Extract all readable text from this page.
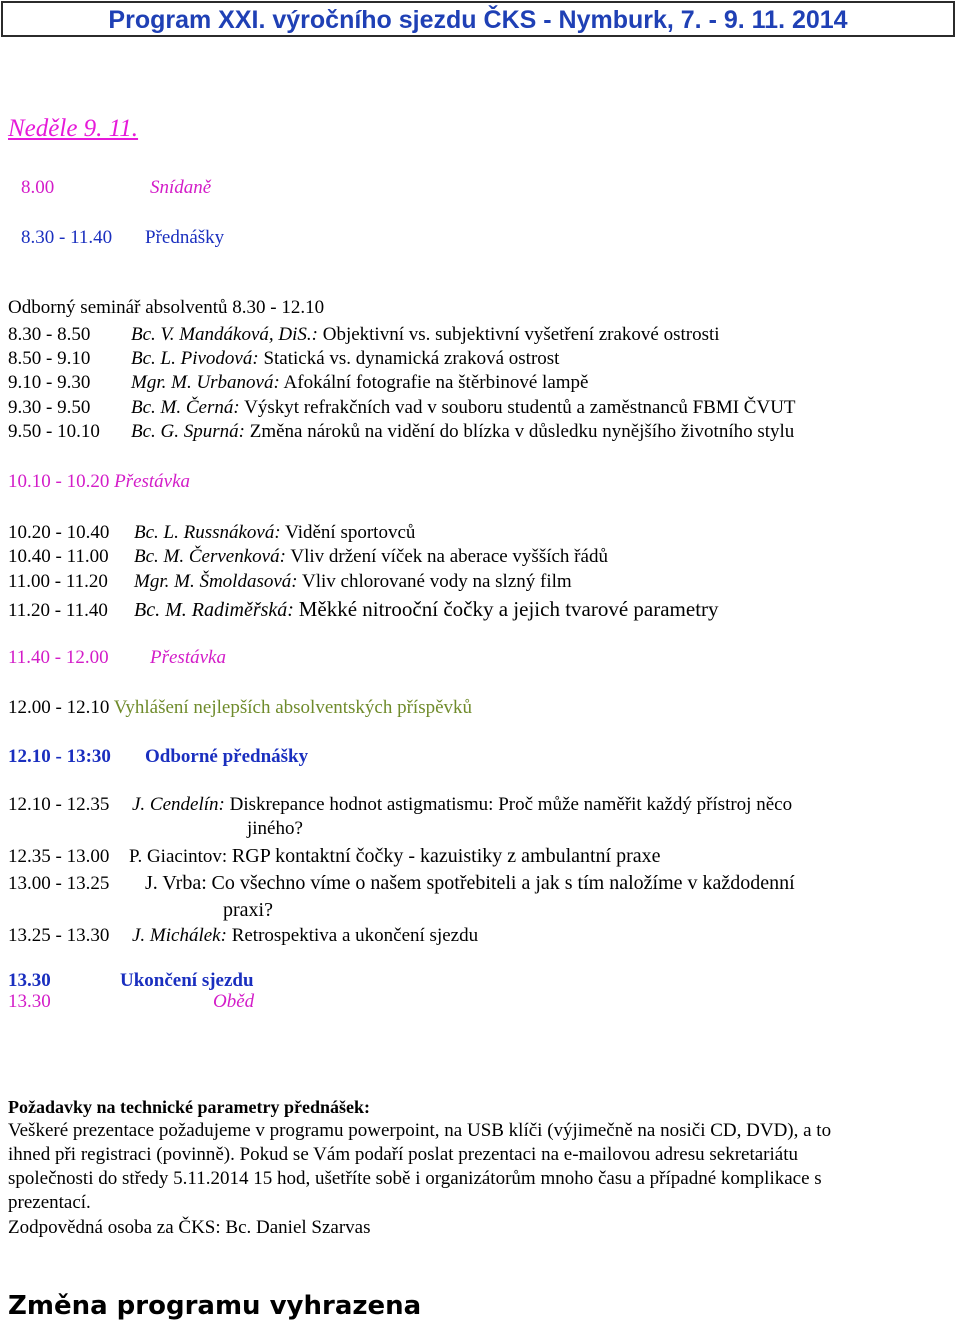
Program XXI. výročního sjezdu ČKS - Nymburk, 7. - 9. 11. 2014
Neděle 9. 11.
8.00	Snídaně
8.30 - 11.40 Přednášky
Odborný seminář absolventů 8.30 - 12.10
8.30 - 8.50 Bc. V. Mandáková, DiS.: Objektivní vs. subjektivní vyšetření zrakové ostrosti
8.50 - 9.10 Bc. L. Pivodová: Statická vs. dynamická zraková ostrost
9.10 - 9.30 Mgr. M. Urbanová: Afokální fotografie na štěrbinové lampě
9.30 - 9.50 Bc. M. Černá: Výskyt refrakčních vad v souboru studentů a zaměstnanců FBMI ČVUT
9.50 - 10.10 Bc. G. Spurná: Změna nároků na vidění do blízka v důsledku nynějšího životního stylu
10.10 - 10.20 Přestávka
10.20 - 10.40 Bc. L. Russnáková: Vidění sportovců
10.40 - 11.00 Bc. M. Červenková: Vliv držení víček na aberace vyšších řádů
11.00 - 11.20 Mgr. M. Šmoldasová: Vliv chlorované vody na slzný film
11.20 - 11.40 Bc. M. Radiměřská: Měkké nitrooční čočky a jejich tvarové parametry
11.40 - 12.00 Přestávka
12.00 - 12.10 Vyhlášení nejlepších absolventských příspěvků
12.10 - 13:30 Odborné přednášky
12.10 - 12.35 J. Cendelín: Diskrepance hodnot astigmatismu: Proč může naměřit každý přístroj něco
jiného?
12.35 - 13.00 P. Giacintov: RGP kontaktní čočky - kazuistiky z ambulantní praxe
13.00 - 13.25 J. Vrba: Co všechno víme o našem spotřebiteli a jak s tím naložíme v každodenní
praxi?
13.25 - 13.30 J. Michálek: Retrospektiva a ukončení sjezdu
13.30	Ukončení sjezdu
13.30	Oběd
Požadavky na technické parametry přednášek:
Veškeré prezentace požadujeme v programu powerpoint, na USB klíči (výjimečně na nosiči CD, DVD), a to
ihned při registraci (povinně). Pokud se Vám podaří poslat prezentaci na e-mailovou adresu sekretariátu
společnosti do středy 5.11.2014 15 hod, ušetříte sobě i organizátorům mnoho času a případné komplikace s
prezentací.
Zodpovědná osoba za ČKS: Bc. Daniel Szarvas
Změna programu vyhrazena
